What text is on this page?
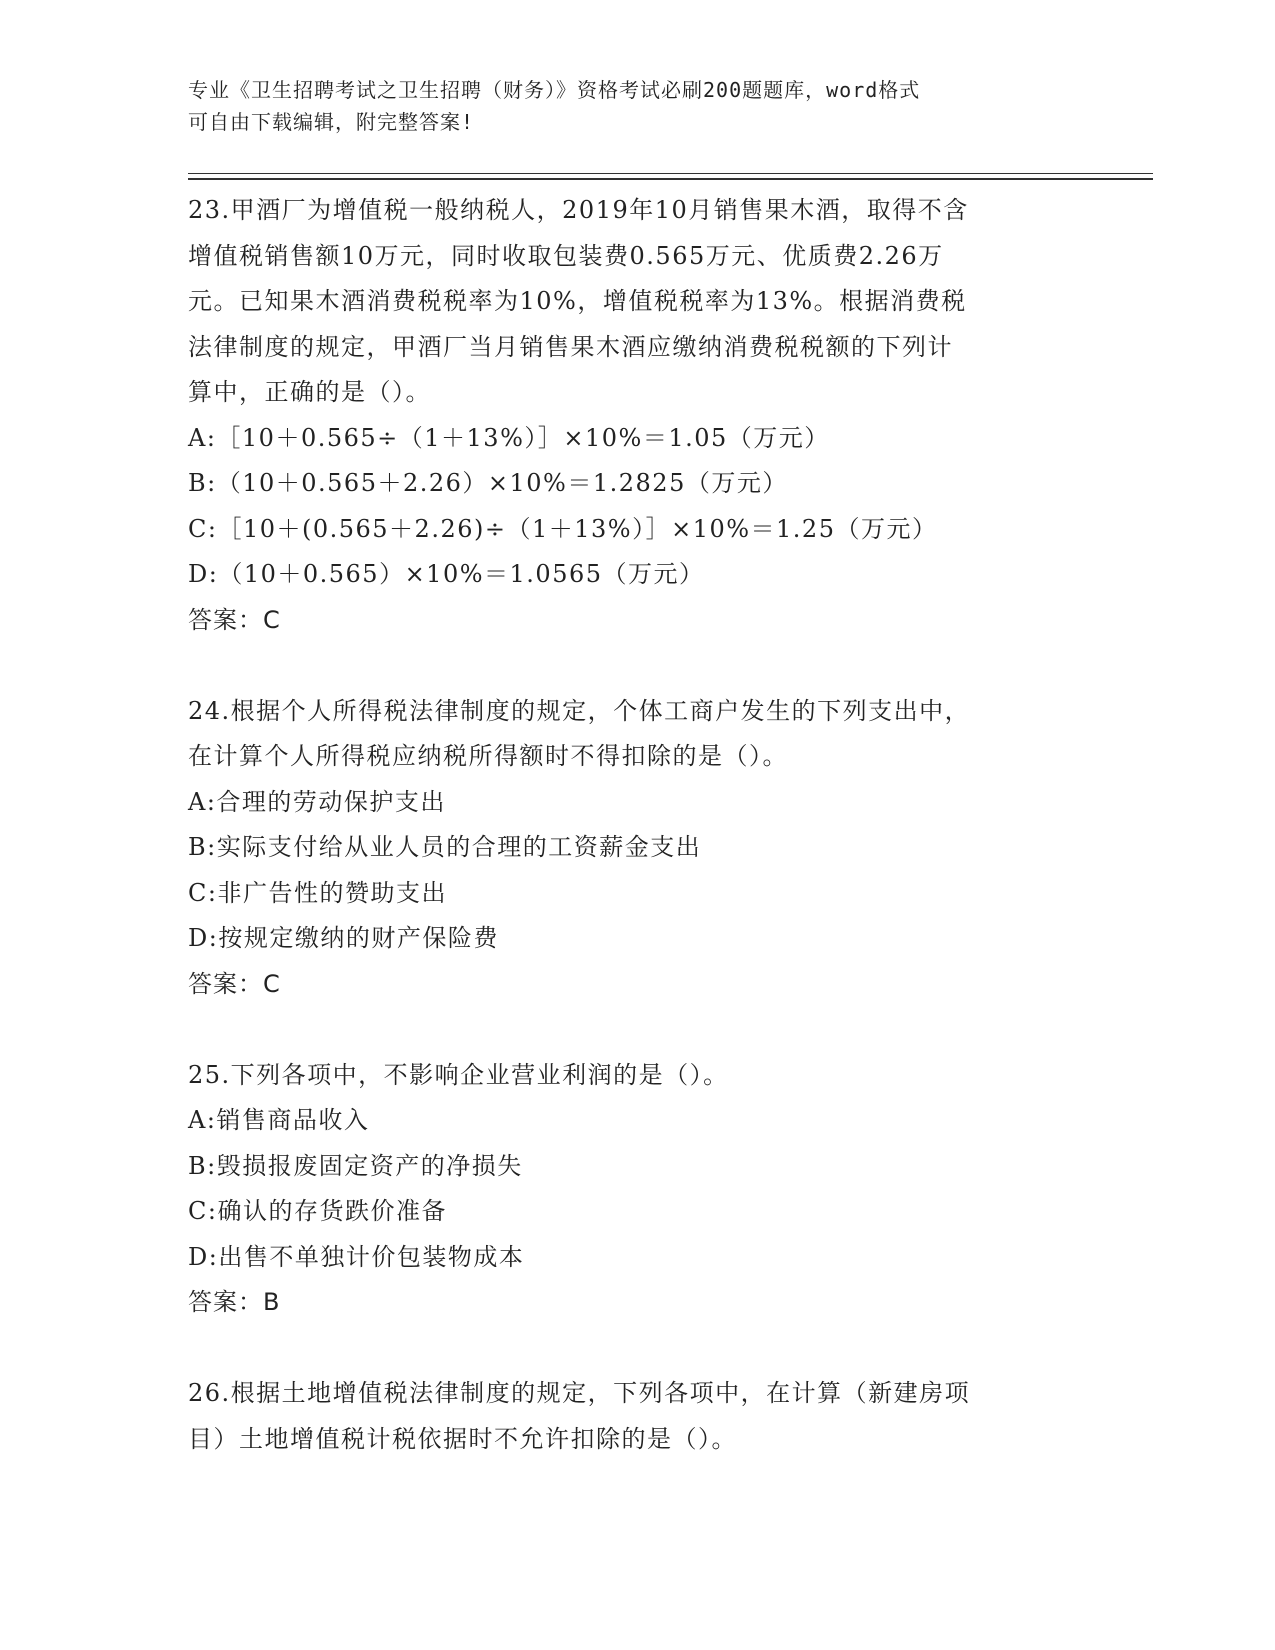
专业《卫生招聘考试之卫生招聘（财务）》资格考试必刷200题题库，word格式
可自由下载编辑，附完整答案!
23.甲酒厂为增值税一般纳税人，2019年10月销售果木酒，取得不含
增值税销售额10万元，同时收取包装费0.565万元、优质费2.26万
元。已知果木酒消费税税率为10%，增值税税率为13%。根据消费税
法律制度的规定，甲酒厂当月销售果木酒应缴纳消费税税额的下列计
算中，正确的是（）。
A:［10＋0.565÷（1＋13%）］×10%＝1.05（万元）
B:（10＋0.565＋2.26）×10%＝1.2825（万元）
C:［10＋(0.565＋2.26)÷（1＋13%）］×10%＝1.25（万元）
D:（10＋0.565）×10%＝1.0565（万元）
答案：C
24.根据个人所得税法律制度的规定，个体工商户发生的下列支出中，
在计算个人所得税应纳税所得额时不得扣除的是（）。
A:合理的劳动保护支出
B:实际支付给从业人员的合理的工资薪金支出
C:非广告性的赞助支出
D:按规定缴纳的财产保险费
答案：C
25.下列各项中，不影响企业营业利润的是（）。
A:销售商品收入
B:毁损报废固定资产的净损失
C:确认的存货跌价准备
D:出售不单独计价包装物成本
答案：B
26.根据土地增值税法律制度的规定，下列各项中，在计算（新建房项
目）土地增值税计税依据时不允许扣除的是（）。
